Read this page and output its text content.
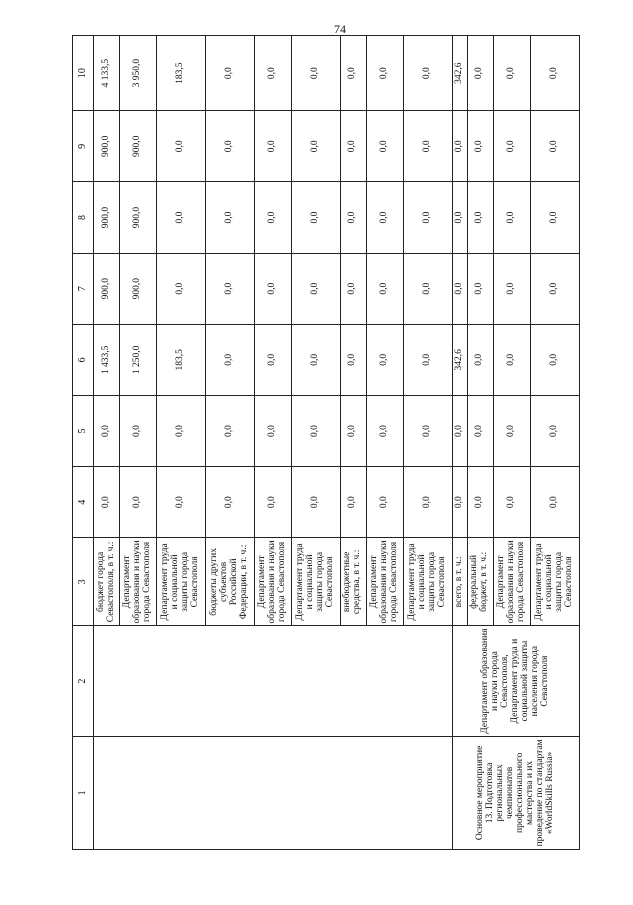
74
1	2	3	4	5	6	7	8	9	10
		бюджет города Севастополя, в т. ч.:	0,0	0,0	1 433,5	900,0	900,0	900,0	4 133,5
		Департамент образования и науки города Севастополя	0,0	0,0	1 250,0	900,0	900,0	900,0	3 950,0
		Департамент труда и социальной защиты города Севастополя	0,0	0,0	183,5	0,0	0,0	0,0	183,5
		бюджеты других субъектов Российской Федерации, в т. ч.:	0,0	0,0	0,0	0,0	0,0	0,0	0,0
		Департамент образования и науки города Севастополя	0,0	0,0	0,0	0,0	0,0	0,0	0,0
		Департамент труда и социальной защиты города Севастополя	0,0	0,0	0,0	0,0	0,0	0,0	0,0
		внебюджетные средства, в т. ч.:	0,0	0,0	0,0	0,0	0,0	0,0	0,0
		Департамент образования и науки города Севастополя	0,0	0,0	0,0	0,0	0,0	0,0	0,0
		Департамент труда и социальной защиты города Севастополя	0,0	0,0	0,0	0,0	0,0	0,0	0,0
Основное мероприятие 13. Подготовка региональных чемпионатов профессионального мастерства и их проведение по стандартам «WorldSkills Russia»	Департамент образования и науки города Севастополя, Департамент труда и социальной защиты населения города Севастополя	всего, в т. ч.:	0,0	0,0	342,6	0,0	0,0	0,0	342,6
		федеральный бюджет, в т. ч.:	0,0	0,0	0,0	0,0	0,0	0,0	0,0
		Департамент образования и науки города Севастополя	0,0	0,0	0,0	0,0	0,0	0,0	0,0
		Департамент труда и социальной защиты города Севастополя	0,0	0,0	0,0	0,0	0,0	0,0	0,0
